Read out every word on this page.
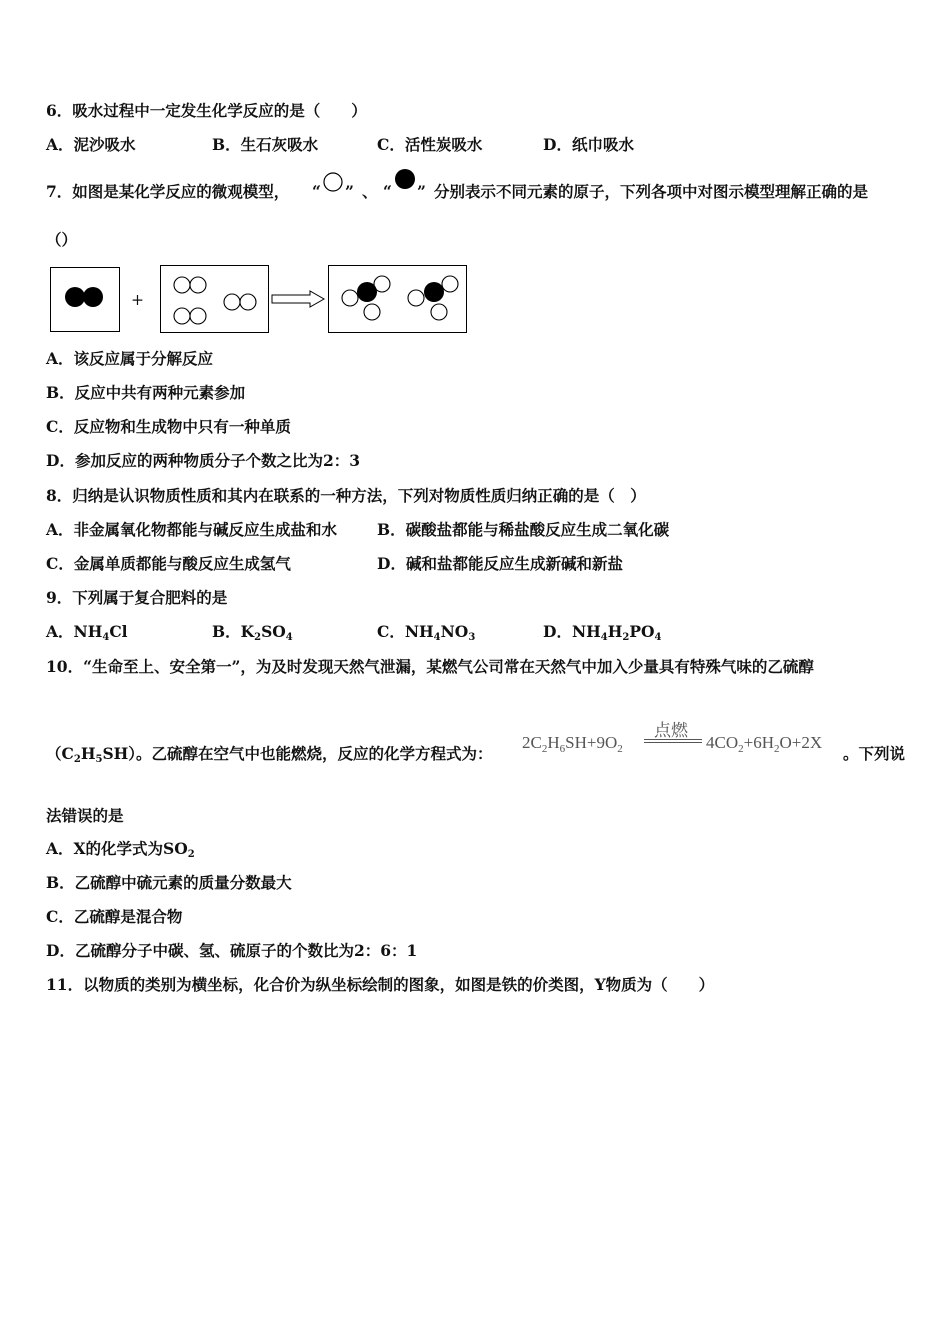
6．吸水过程中一定发生化学反应的是（　　）
A．泥沙吸水	B．生石灰吸水	C．活性炭吸水	D．纸巾吸水
7．如图是某化学反应的微观模型， “ ” 、 “ ” 分别表示不同元素的原子，下列各项中对图示模型理解正确的是
（）
+
A．该反应属于分解反应
B．反应中共有两种元素参加
C．反应物和生成物中只有一种单质
D．参加反应的两种物质分子个数之比为2：3
8．归纳是认识物质性质和其内在联系的一种方法，下列对物质性质归纳正确的是（　）
A．非金属氧化物都能与碱反应生成盐和水	B．碳酸盐都能与稀盐酸反应生成二氧化碳
C．金属单质都能与酸反应生成氢气	D．碱和盐都能反应生成新碱和新盐
9．下列属于复合肥料的是
A．$NH_4Cl$	B．$K_2SO_4$	C．$NH_4NO_3$	D．$NH_4H_2PO_4$
10．“生命至上、安全第一”，为及时发现天然气泄漏，某燃气公司常在天然气中加入少量具有特殊气味的乙硫醇
$(C_2H_5SH)$。乙硫醇在空气中也能燃烧，反应的化学方程式为：
点燃
$2C_2H_6SH+9O_2$	$4CO_2+6H_2O+2X$
。下列说
法错误的是
A．X的化学式为$SO_2$
B．乙硫醇中硫元素的质量分数最大
C．乙硫醇是混合物
D．乙硫醇分子中碳、氢、硫原子的个数比为2：6：1
11．以物质的类别为横坐标，化合价为纵坐标绘制的图象，如图是铁的价类图，Y物质为（　　）
